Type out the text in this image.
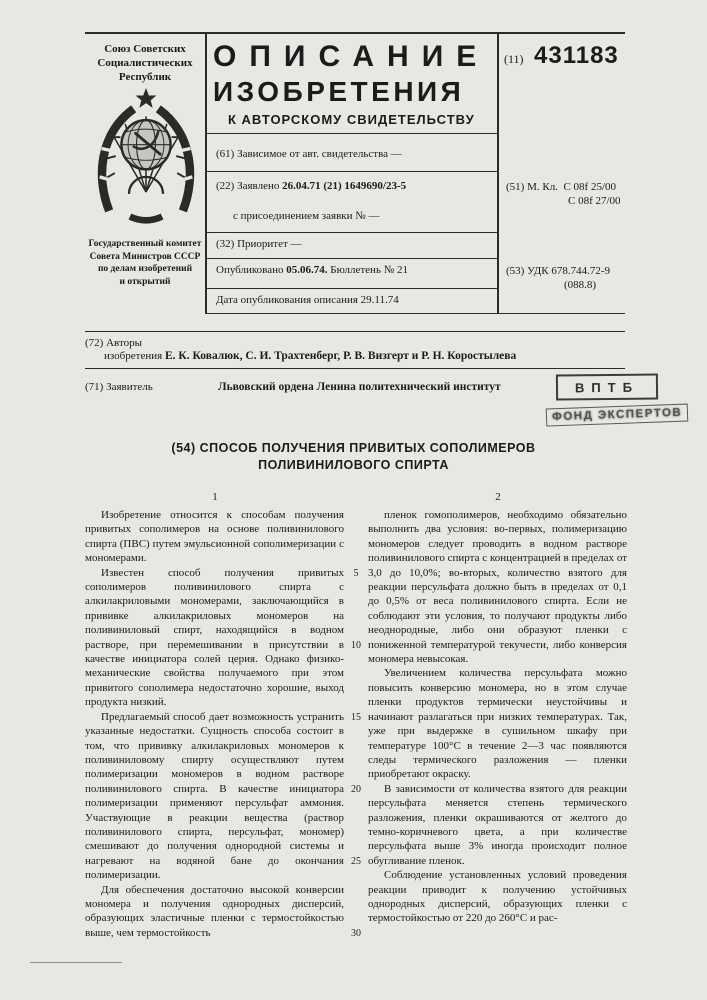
Союз Советских
Социалистических
Республик
Государственный комитет
Совета Министров СССР
по делам изобретений
и открытий
ОПИСАНИЕ
ИЗОБРЕТЕНИЯ
К АВТОРСКОМУ СВИДЕТЕЛЬСТВУ
(61) Зависимое от авт. свидетельства —
(22) Заявлено 26.04.71 (21) 1649690/23-5
с присоединением заявки № —
(32) Приоритет —
Опубликовано 05.06.74. Бюллетень № 21
Дата опубликования описания 29.11.74
(11) 431183
(51) М. Кл. С 08f 25/00
С 08f 27/00
(53) УДК 678.744.72-9
(088.8)
(72) Авторы
изобретения Е. К. Ковалюк, С. И. Трахтенберг, Р. В. Визгерт и Р. Н. Коростылева
(71) Заявитель	Львовский ордена Ленина политехнический институт	ВПТБ
ФОНД ЭКСПЕРТОВ
(54) СПОСОБ ПОЛУЧЕНИЯ ПРИВИТЫХ СОПОЛИМЕРОВ
ПОЛИВИНИЛОВОГО СПИРТА
1	2

Изобретение относится к способам получения привитых сополимеров на основе поливинилового спирта (ПВС) путем эмульсионной сополимеризации с мономерами.

Известен способ получения привитых сополимеров поливинилового спирта с алкилакриловыми мономерами, заключающийся в прививке алкилакриловых мономеров на поливиниловый спирт, находящийся в водном растворе, при перемешивании в присутствии в качестве инициатора солей церия. Однако физико-механические свойства получаемого при этом привитого сополимера недостаточно хорошие, выход продукта низкий.

Предлагаемый способ дает возможность устранить указанные недостатки. Сущность способа состоит в том, что прививку алкилакриловых мономеров к поливиниловому спирту осуществляют путем полимеризации мономеров в водном растворе поливинилового спирта. В качестве инициатора полимеризации применяют персульфат аммония. Участвующие в реакции вещества (раствор поливинилового спирта, персульфат, мономер) смешивают до получения однородной системы и нагревают на водяной бане до окончания полимеризации.

Для обеспечения достаточно высокой конверсии мономера и получения однородных дисперсий, образующих эластичные пленки с термостойкостью выше, чем термостойкость

пленок гомополимеров, необходимо обязательно выполнить два условия: во-первых, полимеризацию мономеров следует проводить в водном растворе поливинилового спирта с концентрацией в пределах от 3,0 до 10,0%; во-вторых, количество взятого для реакции персульфата должно быть в пределах от 0,1 до 0,5% от веса поливинилового спирта. Если не соблюдают эти условия, то получают продукты либо неоднородные, либо они образуют пленки с пониженной температурой текучести, либо конверсия мономера невысокая.

Увеличением количества персульфата можно повысить конверсию мономера, но в этом случае пленки продуктов термически неустойчивы и начинают разлагаться при низких температурах. Так, уже при выдержке в сушильном шкафу при температуре 100°С в течение 2—3 час появляются следы термического разложения — пленки приобретают окраску.

В зависимости от количества взятого для реакции персульфата меняется степень термического разложения, пленки окрашиваются от желтого до темно-коричневого цвета, а при количестве персульфата выше 3% иногда происходит полное обугливание пленок.

Соблюдение установленных условий проведения реакции приводит к получению устойчивых однородных дисперсий, образующих пленки с термостойкостью от 220 до 260°С и рас-

5
10
15
20
25
30
